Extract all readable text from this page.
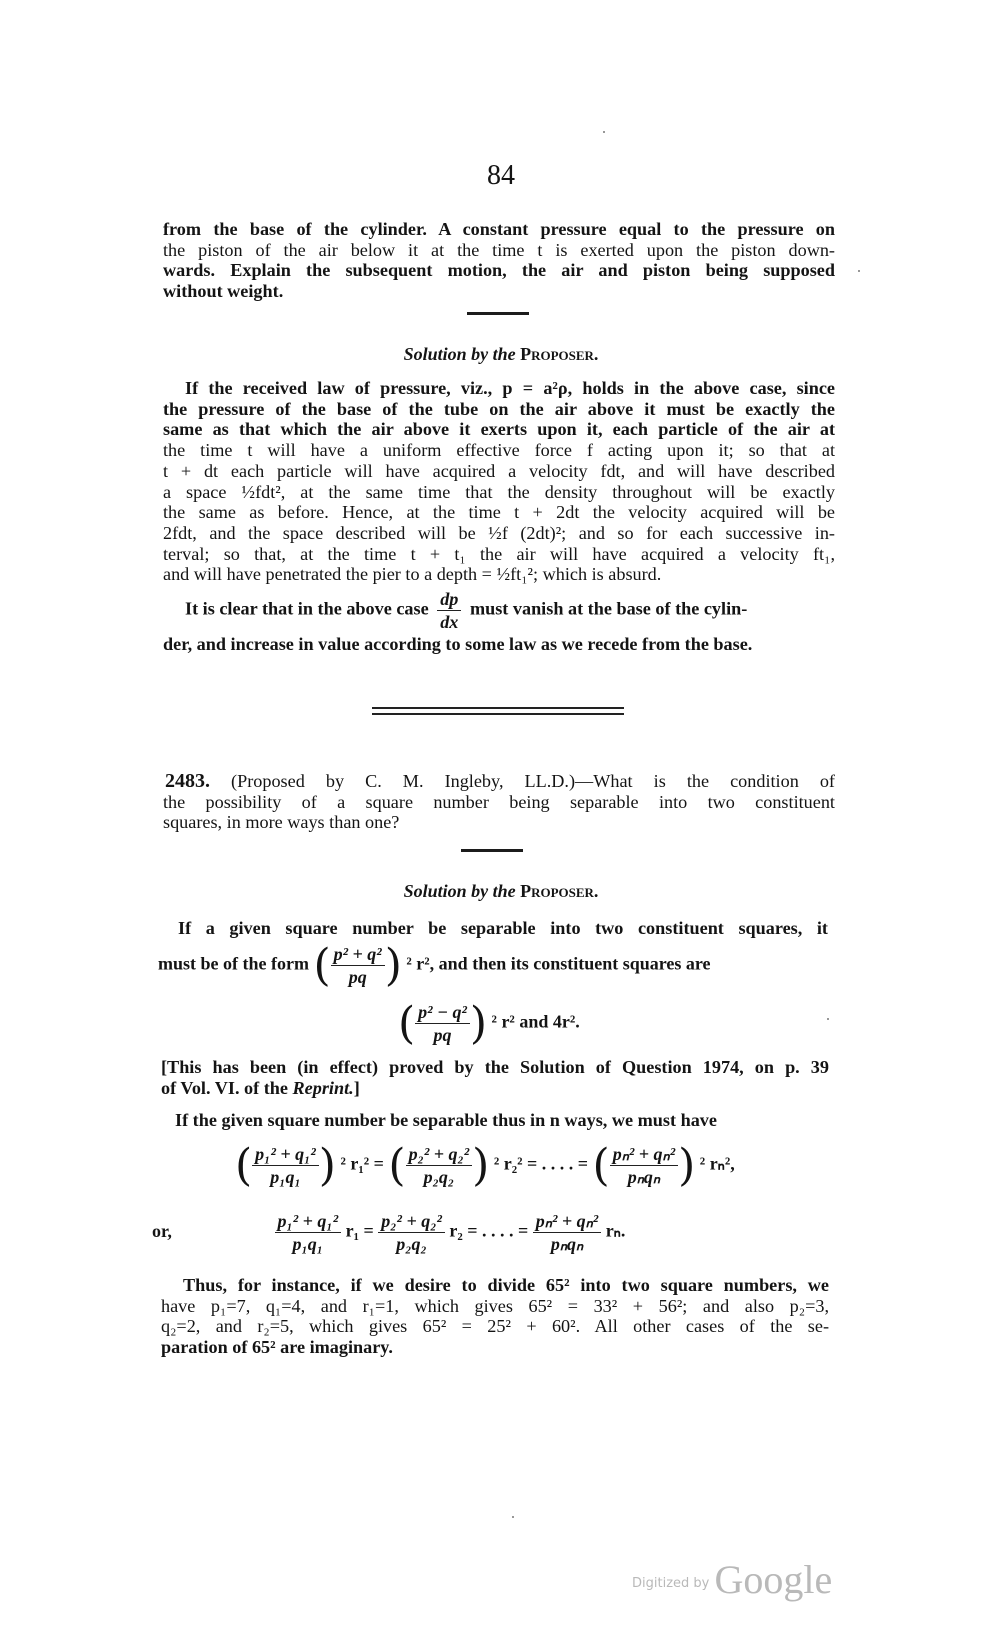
84
from the base of the cylinder. A constant pressure equal to the pressure on
the piston of the air below it at the time t is exerted upon the piston down-
wards. Explain the subsequent motion, the air and piston being supposed
without weight.
Solution by the Proposer.
If the received law of pressure, viz., p = a²ρ, holds in the above case, since
the pressure of the base of the tube on the air above it must be exactly the
same as that which the air above it exerts upon it, each particle of the air at
the time t will have a uniform effective force f acting upon it; so that at
t + dt each particle will have acquired a velocity fdt, and will have described
a space ½fdt², at the same time that the density throughout will be exactly
the same as before. Hence, at the time t + 2dt the velocity acquired will be
2fdt, and the space described will be ½f (2dt)²; and so for each successive in-
terval; so that, at the time t + t₁ the air will have acquired a velocity ft₁,
and will have penetrated the pier to a depth = ½ft₁²; which is absurd.
It is clear that in the above case $\frac{dp}{dx}$ must vanish at the base of the cylin-
der, and increase in value according to some law as we recede from the base.
2483. (Proposed by C. M. Ingleby, LL.D.)—What is the condition of
the possibility of a square number being separable into two constituent
squares, in more ways than one?
Solution by the Proposer.
If a given square number be separable into two constituent squares, it
must be of the form ( $\frac{\text{p² + q²}}{pq}$ ) ² r², and then its constituent squares are
( $\frac{\text{p² − q²}}{pq}$ ) ² r² and 4r².
[This has been (in effect) proved by the Solution of Question 1974, on p. 39
of Vol. VI. of the Reprint.]
If the given square number be separable thus in n ways, we must have
( $\frac{\text{p₁² + q₁²}}{\text{p₁q₁}}$ ) ² r₁² = ( $\frac{\text{p₂² + q₂²}}{\text{p₂q₂}}$ ) ² r₂² = . . . . = ( $\frac{\text{pₙ² + qₙ²}}{\text{pₙqₙ}}$ ) ² rₙ²,
or,	$\frac{\text{p₁² + q₁²}}{\text{p₁q₁}} r_1 = \frac{\text{p₂² + q₂²}}{\text{p₂q₂}} r_2$ = . . . . = $\frac{\text{pₙ² + qₙ²}}{\text{pₙqₙ}} r_n$.
Thus, for instance, if we desire to divide 65² into two square numbers, we
have p₁=7, q₁=4, and r₁=1, which gives 65² = 33² + 56²; and also p₂=3,
q₂=2, and r₂=5, which gives 65² = 25² + 60². All other cases of the se-
paration of 65² are imaginary.
$^{Digitized by}$ Google
